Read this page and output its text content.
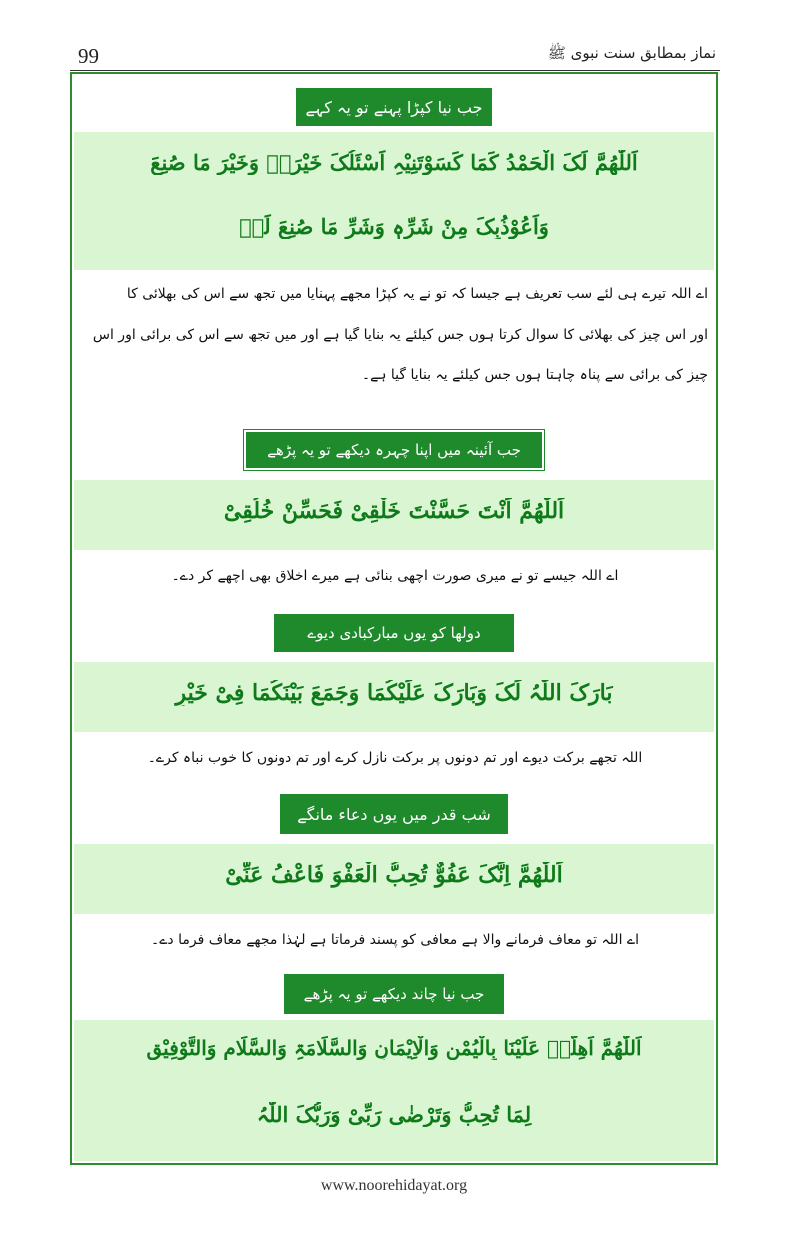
99	نماز بمطابق سنت نبوی ﷺ
جب نیا کپڑا پہنے تو یہ کہے
اَللّٰھُمَّ لَکَ الْحَمْدُ کَمَا کَسَوْتَنِیْہِ اَسْئَلُکَ خَیْرَہٗ وَخَیْرَ مَا صُنِعَ
وَاَعُوْذُبِکَ مِنْ شَرِّہٖ وَشَرِّ مَا صُنِعَ لَہٗ
اے اللہ تیرے ہی لئے سب تعریف ہے جیسا کہ تو نے یہ کپڑا مجھے پہنایا میں تجھ سے اس کی بھلائی کا
اور اس چیز کی بھلائی کا سوال کرتا ہوں جس کیلئے یہ بنایا گیا ہے اور میں تجھ سے اس کی برائی اور اس
چیز کی برائی سے پناہ چاہتا ہوں جس کیلئے یہ بنایا گیا ہے۔
جب آئینہ میں اپنا چہرہ دیکھے تو یہ پڑھے
اَللّٰھُمَّ اَنْتَ حَسَّنْتَ خَلْقِیْ فَحَسِّنْ خُلُقِیْ
اے اللہ جیسے تو نے میری صورت اچھی بنائی ہے میرے اخلاق بھی اچھے کر دے۔
دولھا کو یوں مبارکبادی دیوے
بَارَکَ اللّٰہُ لَکَ وَبَارَکَ عَلَیْکُمَا وَجَمَعَ بَیْنَکُمَا فِیْ خَیْرٍ
اللہ تجھے برکت دیوے اور تم دونوں پر برکت نازل کرے اور تم دونوں کا خوب نباہ کرے۔
شب قدر میں یوں دعاء مانگے
اَللّٰھُمَّ اِنَّکَ عَفُوٌّ تُحِبُّ الْعَفْوَ فَاعْفُ عَنِّیْ
اے اللہ تو معاف فرمانے والا ہے معافی کو پسند فرماتا ہے لہٰذا مجھے معاف فرما دے۔
جب نیا چاند دیکھے تو یہ پڑھے
اَللّٰھُمَّ اَھِلَّہٗ عَلَیْنَا بِالْیُمْنِ وَالْاِیْمَانِ وَالسَّلَامَۃِ وَالسَّلَامِ وَالتَّوْفِیْقِ
لِمَا تُحِبُّ وَتَرْضٰی رَبِّیْ وَرَبُّکَ اللّٰہُ
www.noorehidayat.org
